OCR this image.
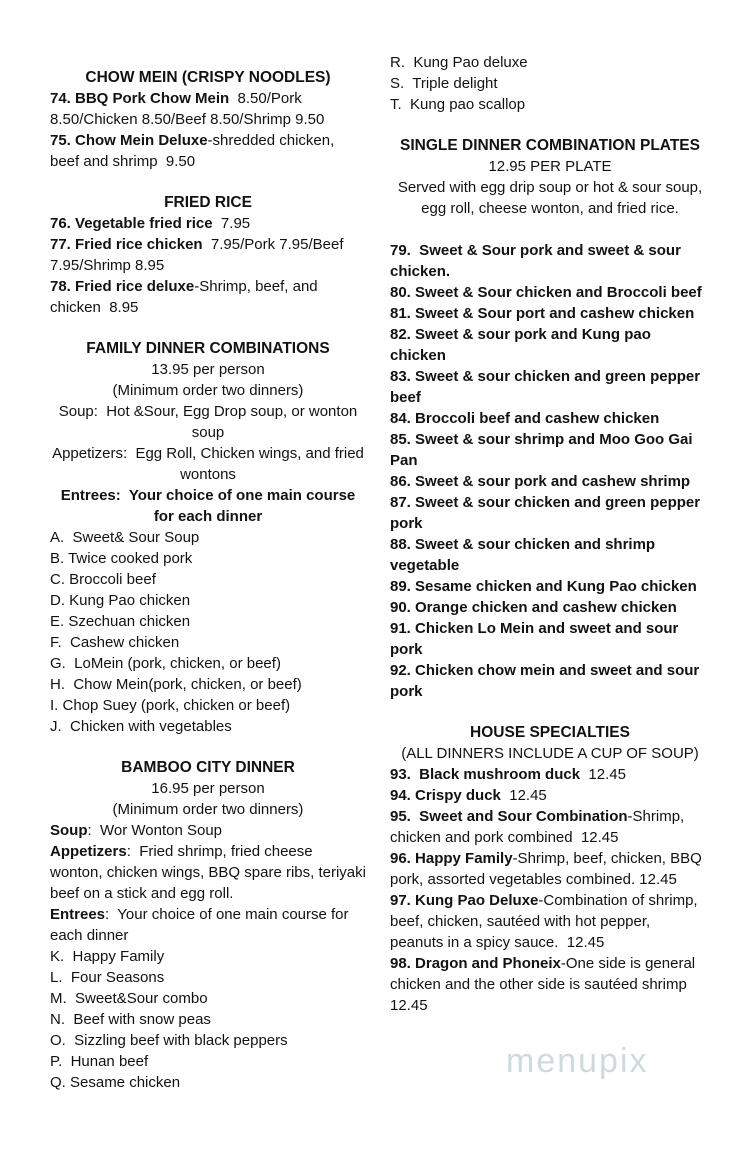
menupix
CHOW MEIN (CRISPY NOODLES)

74. BBQ Pork Chow Mein  8.50/Pork 8.50/Chicken 8.50/Beef 8.50/Shrimp 9.50

75. Chow Mein Deluxe-shredded chicken, beef and shrimp  9.50

FRIED RICE

76. Vegetable fried rice  7.95

77. Fried rice chicken  7.95/Pork 7.95/Beef 7.95/Shrimp 8.95

78. Fried rice deluxe-Shrimp, beef, and chicken  8.95

FAMILY DINNER COMBINATIONS

13.95 per person

(Minimum order two dinners)

Soup:  Hot &Sour, Egg Drop soup, or wonton soup

Appetizers:  Egg Roll, Chicken wings, and fried wontons

Entrees:  Your choice of one main course for each dinner

A.  Sweet& Sour Soup

B. Twice cooked pork

C. Broccoli beef

D. Kung Pao chicken

E. Szechuan chicken

F.  Cashew chicken

G.  LoMein (pork, chicken, or beef)

H.  Chow Mein(pork, chicken, or beef)

I. Chop Suey (pork, chicken or beef)

J.  Chicken with vegetables

BAMBOO CITY DINNER

16.95 per person

(Minimum order two dinners)

Soup:  Wor Wonton Soup

Appetizers:  Fried shrimp, fried cheese wonton, chicken wings, BBQ spare ribs, teriyaki beef on a stick and egg roll.

Entrees:  Your choice of one main course for each dinner

K.  Happy Family

L.  Four Seasons

M.  Sweet&Sour combo

N.  Beef with snow peas

O.  Sizzling beef with black peppers

P.  Hunan beef

Q. Sesame chicken

R.  Kung Pao deluxe

S.  Triple delight

T.  Kung pao scallop

SINGLE DINNER COMBINATION PLATES

12.95 PER PLATE

Served with egg drip soup or hot & sour soup, egg roll, cheese wonton, and fried rice.

79.  Sweet & Sour pork and sweet & sour chicken.

80. Sweet & Sour chicken and Broccoli beef

81. Sweet & Sour port and cashew chicken

82. Sweet & sour pork and Kung pao chicken

83. Sweet & sour chicken and green pepper beef

84. Broccoli beef and cashew chicken

85. Sweet & sour shrimp and Moo Goo Gai Pan

86. Sweet & sour pork and cashew shrimp

87. Sweet & sour chicken and green pepper pork

88. Sweet & sour chicken and shrimp vegetable

89. Sesame chicken and Kung Pao chicken

90. Orange chicken and cashew chicken

91. Chicken Lo Mein and sweet and sour pork

92. Chicken chow mein and sweet and sour pork

HOUSE SPECIALTIES

(ALL DINNERS INCLUDE A CUP OF SOUP)

93.  Black mushroom duck  12.45

94. Crispy duck  12.45

95.  Sweet and Sour Combination-Shrimp, chicken and pork combined  12.45

96. Happy Family-Shrimp, beef, chicken, BBQ pork, assorted vegetables combined. 12.45

97. Kung Pao Deluxe-Combination of shrimp, beef, chicken, sautéed with hot pepper,  peanuts in a spicy sauce.  12.45

98. Dragon and Phoneix-One side is general chicken and the other side is sautéed shrimp  12.45
